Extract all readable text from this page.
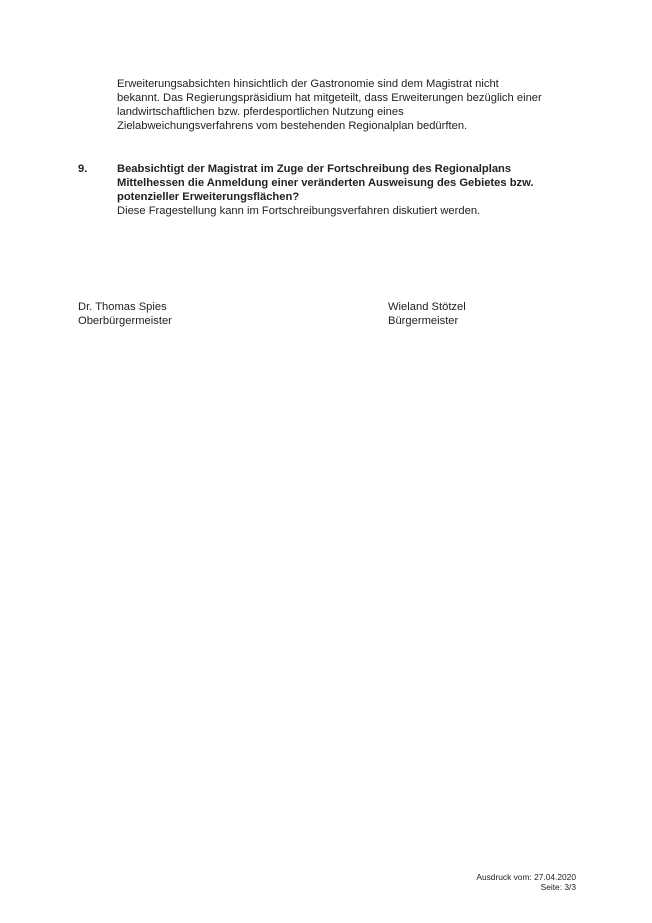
Erweiterungsabsichten hinsichtlich der Gastronomie sind dem Magistrat nicht
bekannt. Das Regierungspräsidium hat mitgeteilt, dass Erweiterungen bezüglich einer
landwirtschaftlichen bzw. pferdesportlichen Nutzung eines
Zielabweichungsverfahrens vom bestehenden Regionalplan bedürften.
9.	Beabsichtigt der Magistrat im Zuge der Fortschreibung des Regionalplans
Mittelhessen die Anmeldung einer veränderten Ausweisung des Gebietes bzw.
potenzieller Erweiterungsflächen?
Diese Fragestellung kann im Fortschreibungsverfahren diskutiert werden.
Dr. Thomas Spies
Oberbürgermeister
Wieland Stötzel
Bürgermeister
Ausdruck vom: 27.04.2020
Seite: 3/3
